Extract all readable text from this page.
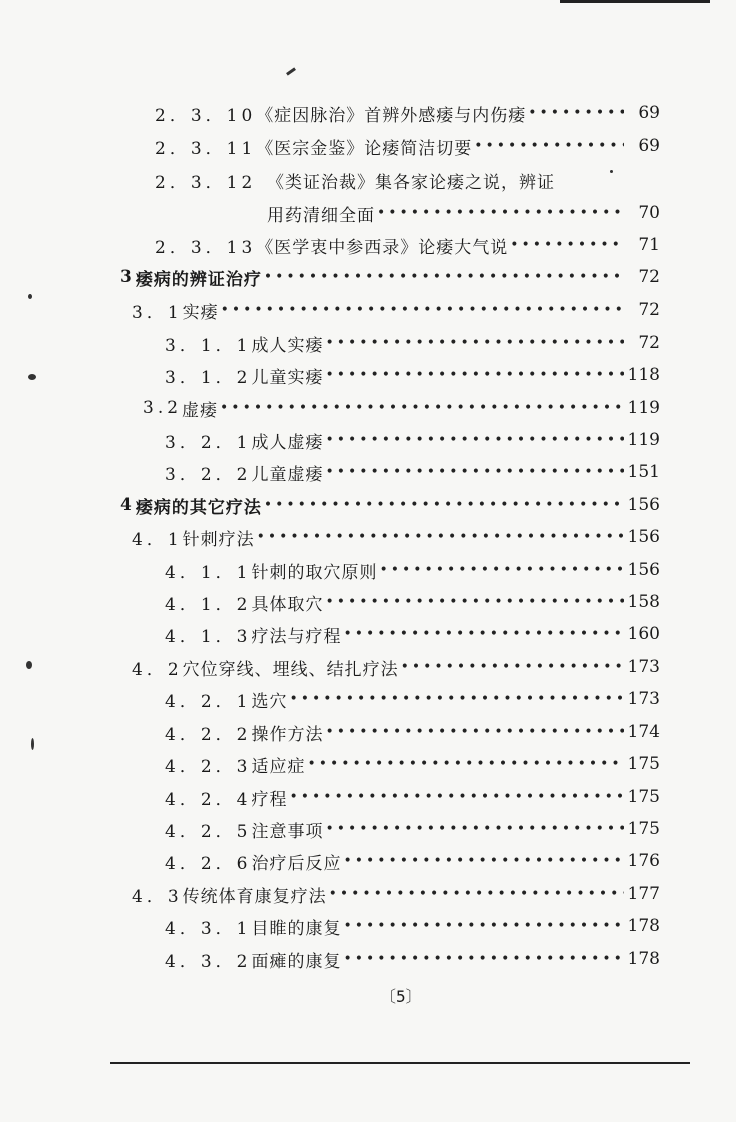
2．3．10 《症因脉治》首辨外感痿与内伤痿 •••••	69
2．3．11 《医宗金鉴》论痿简洁切要 •••••	69
2．3．12 《类证治裁》集各家论痿之说，辨证
用药清细全面 •••••	70
2．3．13 《医学衷中参西录》论痿大气说 •••••	71
3 痿病的辨证治疗 •••••	72
3．1 实痿 •••••	72
3．1．1 成人实痿 •••••	72
3．1．2 儿童实痿 •••••	118
3.2 虚痿 •••••	119
3．2．1 成人虚痿 •••••	119
3．2．2 儿童虚痿 •••••	151
4 痿病的其它疗法 •••••	156
4．1 针刺疗法 •••••	156
4．1．1 针刺的取穴原则 •••••	156
4．1．2 具体取穴 •••••	158
4．1．3 疗法与疗程 •••••	160
4．2 穴位穿线、埋线、结扎疗法 •••••	173
4．2．1 选穴 •••••	173
4．2．2 操作方法 •••••	174
4．2．3 适应症 •••••	175
4．2．4 疗程 •••••	175
4．2．5 注意事项 •••••	175
4．2．6 治疗后反应 •••••	176
4．3 传统体育康复疗法 •••••	177
4．3．1 目睢的康复 •••••	178
4．3．2 面瘫的康复 •••••	178
〔5〕
